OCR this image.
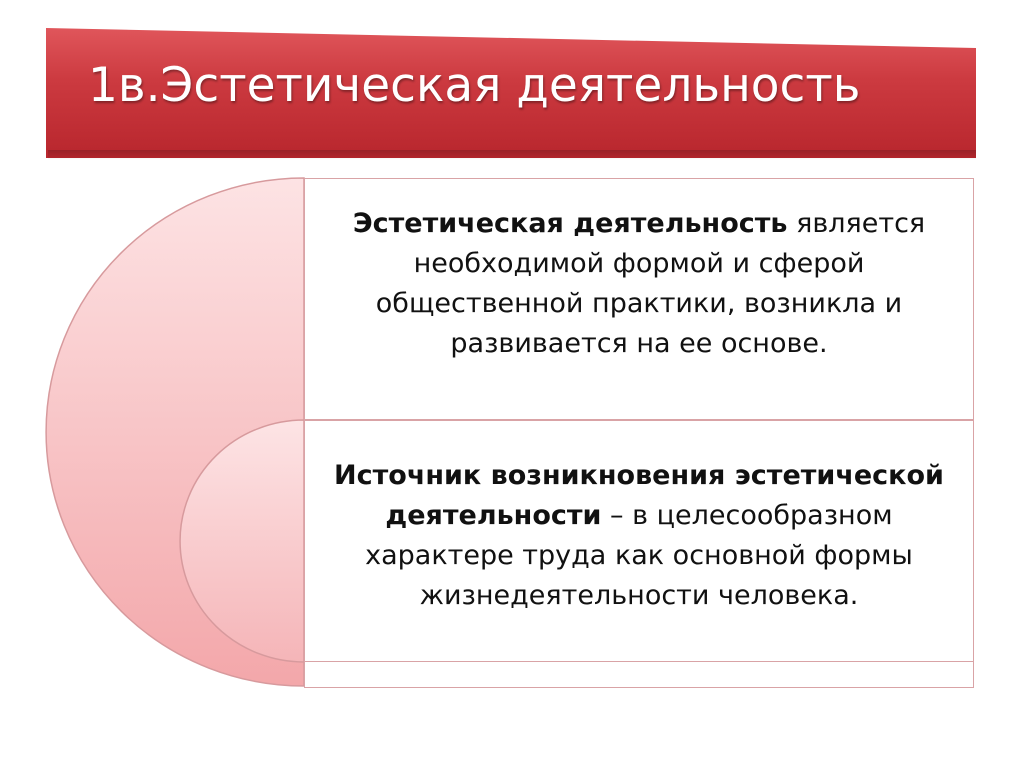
1в.Эстетическая деятельность
Эстетическая деятельность является необходимой формой и сферой общественной практики, возникла и развивается на ее основе.
Источник возникновения эстетической деятельности – в целесообразном характере труда как основной формы жизнедеятельности человека.
